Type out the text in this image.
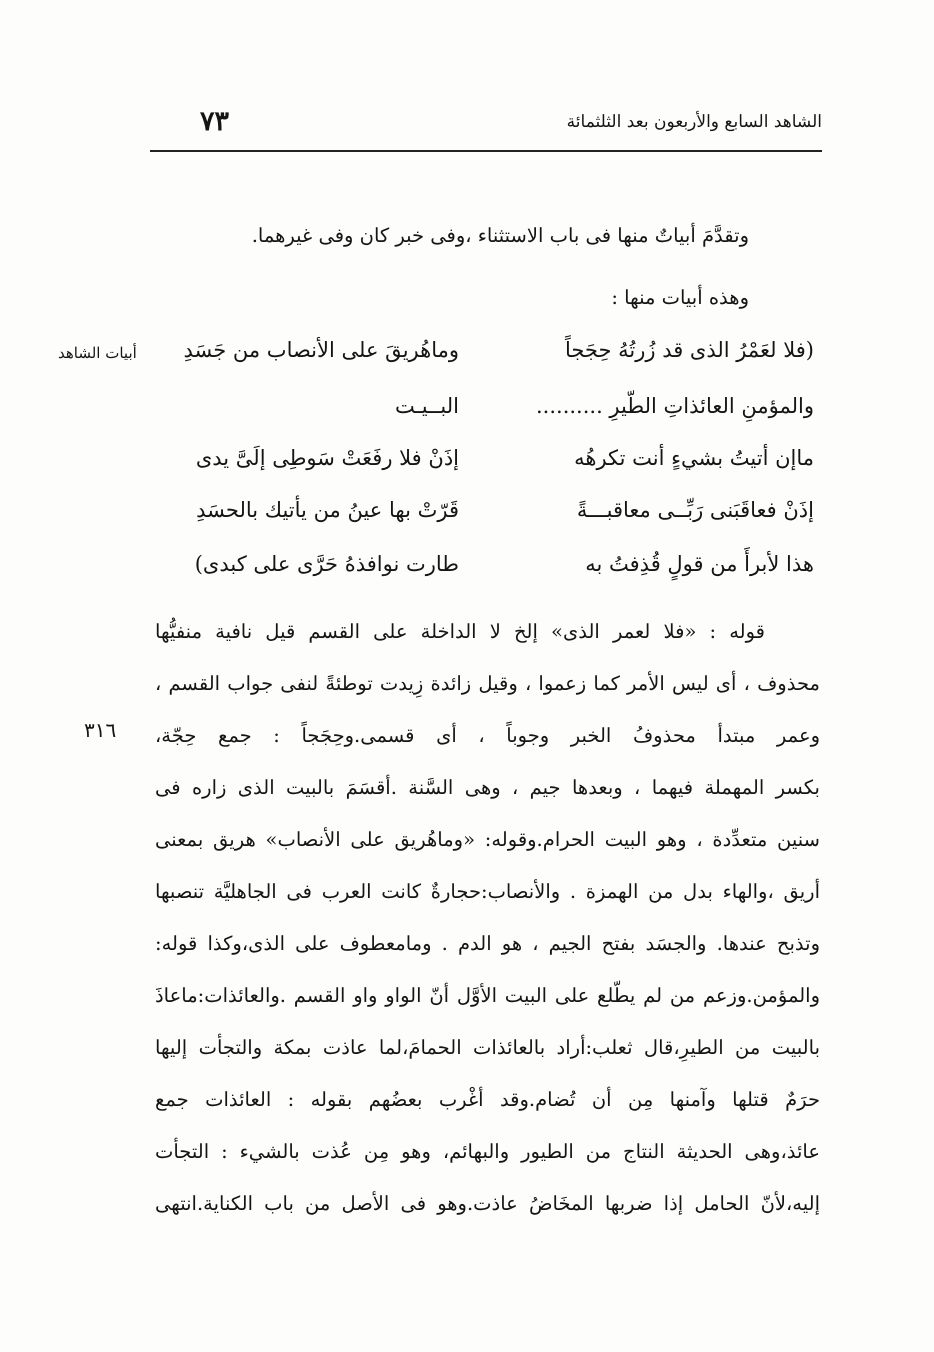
الشاهد السابع والأربعون بعد الثلثمائة
٧٣
وتقدَّمَ أبياتٌ منها فى باب الاستثناء ،وفى خبر كان وفى غيرهما.
وهذه أبيات منها :
أبيات الشاهد	(فلا لعَمْرُ الذى قد زُرتُهُ حِجَجاً
وماهُريقَ على الأنصاب من جَسَدِ
والمؤمنِ العائذاتِ الطّيرِ ..........
البــيـت
ماإن أتيتُ بشيءٍ أنت تكرهُه
إذَنْ فلا رفَعَتْ سَوطِى إلَىَّ يدى
إذَنْ فعاقَبَنى رَبِّــى معاقبـــةً
قَرّتْ بها عينُ من يأتيك بالحسَدِ
هذا لأبرأَ من قولٍ قُذِفتُ به
طارت نوافذهُ حَرَّى على كبدى)
٣١٦
قوله : «فلا لعمر الذى» إلخ لا الداخلة على القسم قيل نافية منفيُّها
محذوف ، أى ليس الأمر كما زعموا ، وقيل زائدة زِيدت توطئةً لنفى جواب القسم ،
وعمر مبتدأ محذوفُ الخبر وجوباً ، أى قسمى.وحِجَجاً : جمع حِجّة،
بكسر المهملة فيهما ، وبعدها جيم ، وهى السَّنة .أقسَمَ بالبيت الذى زاره فى
سنين متعدِّدة ، وهو البيت الحرام.وقوله: «وماهُريق على الأنصاب» هريق بمعنى
أريق ،والهاء بدل من الهمزة . والأنصاب:حجارةٌ كانت العرب فى الجاهليَّة تنصبها
وتذبح عندها. والجسَد بفتح الجيم ، هو الدم . ومامعطوف على الذى،وكذا قوله:
والمؤمن.وزعم من لم يطّلع على البيت الأوَّل أنّ الواو واو القسم .والعائذات:ماعاذَ
بالبيت من الطيرِ،قال ثعلب:أراد بالعائذات الحمامَ،لما عاذت بمكة والتجأت إليها
حرَمٌ قتلها وآمنها مِن أن تُضام.وقد أغْرب بعضُهم بقوله : العائذات جمع
عائذ،وهى الحديثة النتاج من الطيور والبهائم، وهو مِن عُذت بالشيء : التجأت
إليه،لأنّ الحامل إذا ضربها المخَاضُ عاذت.وهو فى الأصل من باب الكناية.انتهى
